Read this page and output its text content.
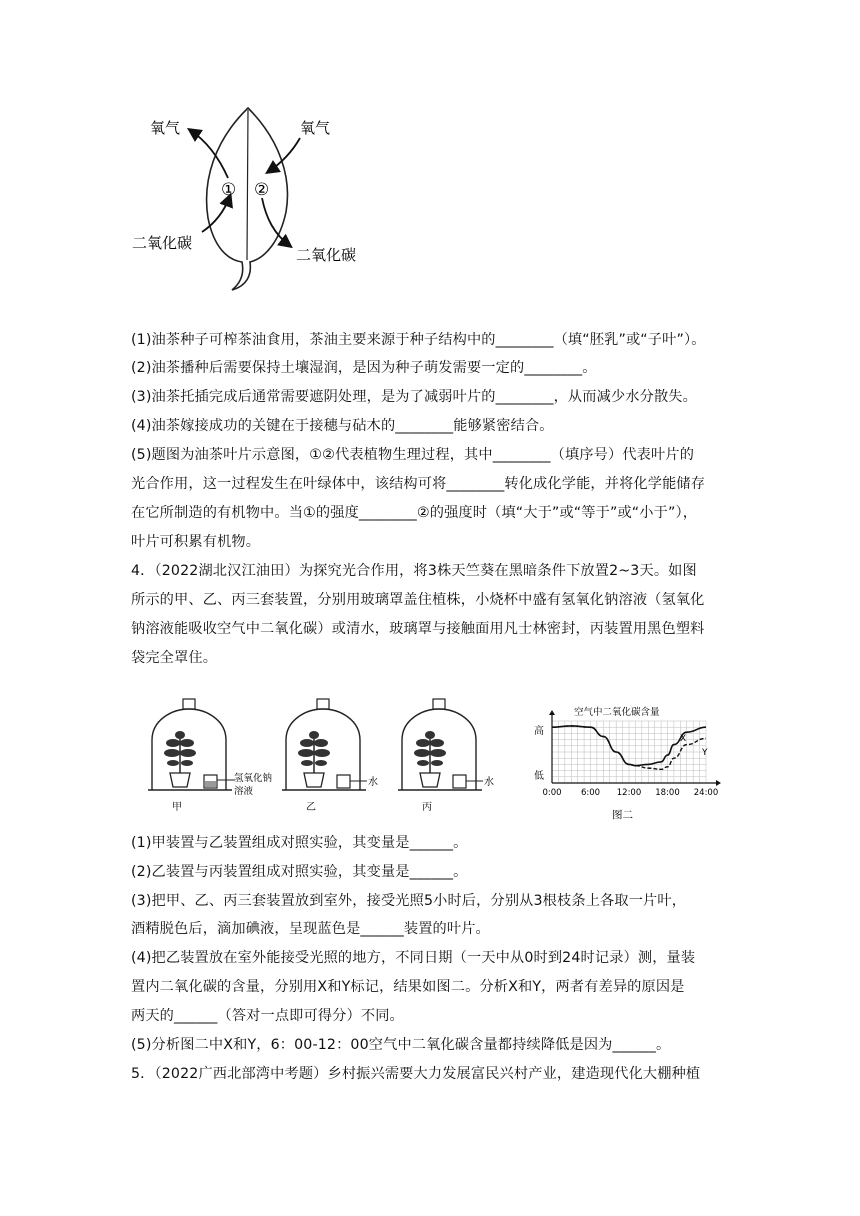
氧气	氧气
二氧化碳
二氧化碳
① ②
(1)油茶种子可榨茶油食用，茶油主要来源于种子结构中的________（填“胚乳”或“子叶”）。
(2)油茶播种后需要保持土壤湿润，是因为种子萌发需要一定的________。
(3)油茶托插完成后通常需要遮阴处理，是为了减弱叶片的________，从而减少水分散失。
(4)油茶嫁接成功的关键在于接穗与砧木的________能够紧密结合。
(5)题图为油茶叶片示意图，①②代表植物生理过程，其中________（填序号）代表叶片的
光合作用，这一过程发生在叶绿体中，该结构可将________转化成化学能，并将化学能储存
在它所制造的有机物中。当①的强度________②的强度时（填“大于”或“等于”或“小于”），
叶片可积累有机物。
4．（2022湖北汉江油田）为探究光合作用，将3株天竺葵在黑暗条件下放置2~3天。如图
所示的甲、乙、丙三套装置，分别用玻璃罩盖住植株，小烧杯中盛有氢氧化钠溶液（氢氧化
钠溶液能吸收空气中二氧化碳）或清水，玻璃罩与接触面用凡士林密封，丙装置用黑色塑料
袋完全罩住。
氢氧化钠
溶液
甲
水
乙
水
丙
空气中二氧化碳含量
高
低
0:00 6:00 12:00 18:00 24:00
X
Y
图二
(1)甲装置与乙装置组成对照实验，其变量是______。
(2)乙装置与丙装置组成对照实验，其变量是______。
(3)把甲、乙、丙三套装置放到室外，接受光照5小时后，分别从3根枝条上各取一片叶，
酒精脱色后，滴加碘液，呈现蓝色是______装置的叶片。
(4)把乙装置放在室外能接受光照的地方，不同日期（一天中从0时到24时记录）测，量装
置内二氧化碳的含量，分别用X和Y标记，结果如图二。分析X和Y，两者有差异的原因是
两天的______（答对一点即可得分）不同。
(5)分析图二中X和Y，6：00-12：00空气中二氧化碳含量都持续降低是因为______。
5．（2022广西北部湾中考题）乡村振兴需要大力发展富民兴村产业，建造现代化大棚种植
